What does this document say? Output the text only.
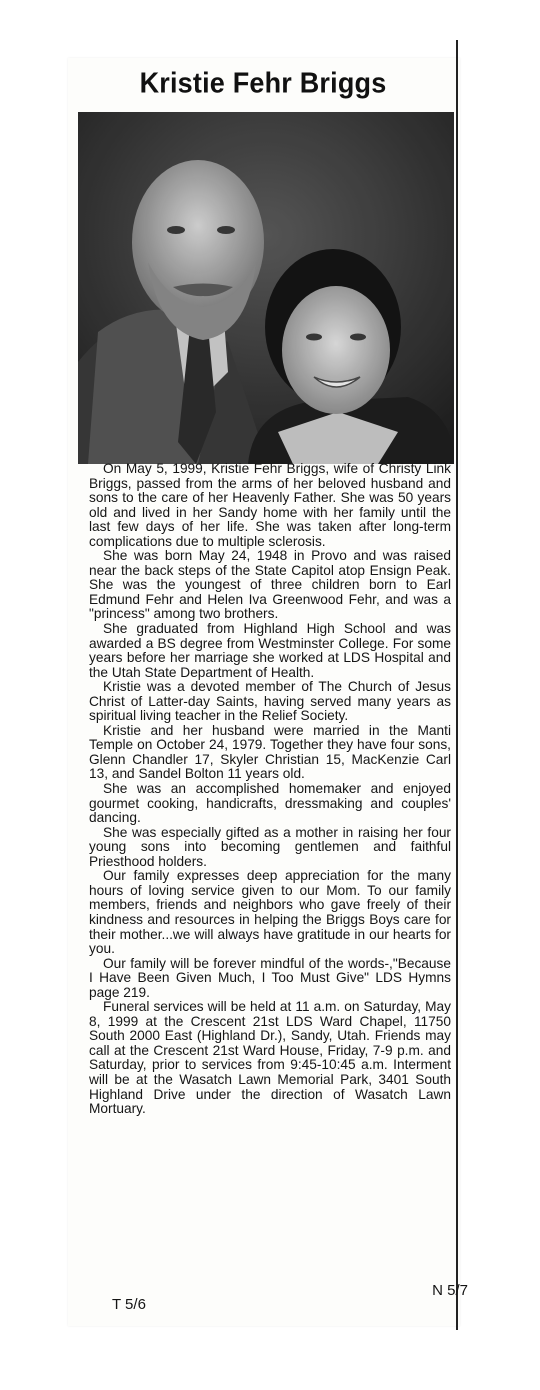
Kristie Fehr Briggs

On May 5, 1999, Kristie Fehr Briggs, wife of Christy Link Briggs, passed from the arms of her beloved husband and sons to the care of her Heavenly Father. She was 50 years old and lived in her Sandy home with her family until the last few days of her life. She was taken after long-term complications due to multiple sclerosis.

She was born May 24, 1948 in Provo and was raised near the back steps of the State Capitol atop Ensign Peak. She was the youngest of three children born to Earl Edmund Fehr and Helen Iva Greenwood Fehr, and was a "princess" among two brothers.

She graduated from Highland High School and was awarded a BS degree from Westminster College. For some years before her marriage she worked at LDS Hospital and the Utah State Department of Health.

Kristie was a devoted member of The Church of Jesus Christ of Latter-day Saints, having served many years as spiritual living teacher in the Relief Society.

Kristie and her husband were married in the Manti Temple on October 24, 1979. Together they have four sons, Glenn Chandler 17, Skyler Christian 15, MacKenzie Carl 13, and Sandel Bolton 11 years old.

She was an accomplished homemaker and enjoyed gourmet cooking, handicrafts, dressmaking and couples' dancing.

She was especially gifted as a mother in raising her four young sons into becoming gentlemen and faithful Priesthood holders.

Our family expresses deep appreciation for the many hours of loving service given to our Mom. To our family members, friends and neighbors who gave freely of their kindness and resources in helping the Briggs Boys care for their mother...we will always have gratitude in our hearts for you.

Our family will be forever mindful of the words-,"Because I Have Been Given Much, I Too Must Give" LDS Hymns page 219.

Funeral services will be held at 11 a.m. on Saturday, May 8, 1999 at the Crescent 21st LDS Ward Chapel, 11750 South 2000 East (Highland Dr.), Sandy, Utah. Friends may call at the Crescent 21st Ward House, Friday, 7-9 p.m. and Saturday, prior to services from 9:45-10:45 a.m. Interment will be at the Wasatch Lawn Memorial Park, 3401 South Highland Drive under the direction of Wasatch Lawn Mortuary.

T 5/6
N 5/7
